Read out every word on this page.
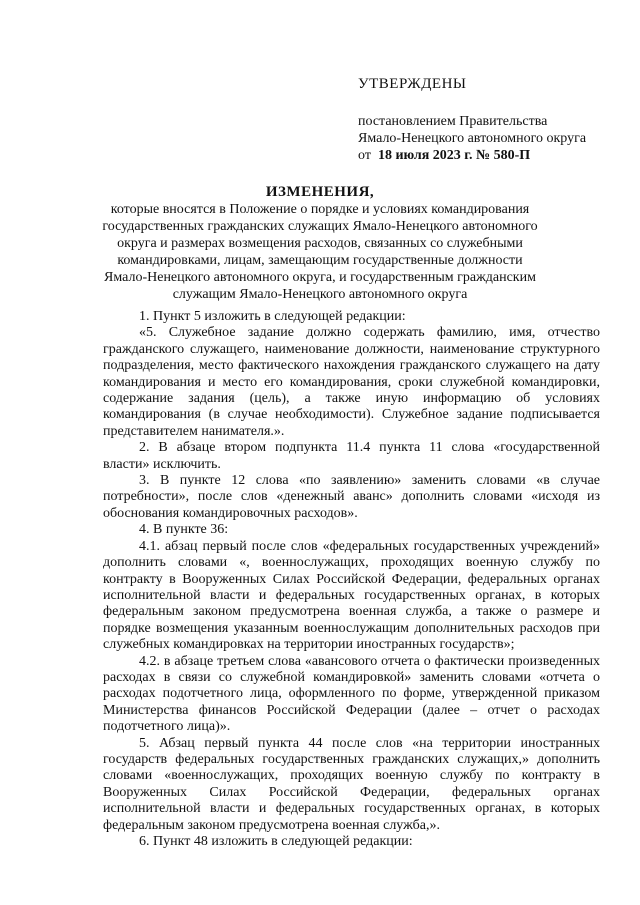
УТВЕРЖДЕНЫ
постановлением Правительства
Ямало-Ненецкого автономного округа
от 18 июля 2023 г. № 580-П
ИЗМЕНЕНИЯ,
которые вносятся в Положение о порядке и условиях командирования государственных гражданских служащих Ямало-Ненецкого автономного округа и размерах возмещения расходов, связанных со служебными командировками, лицам, замещающим государственные должности Ямало-Ненецкого автономного округа, и государственным гражданским служащим Ямало-Ненецкого автономного округа

1. Пункт 5 изложить в следующей редакции:

«5. Служебное задание должно содержать фамилию, имя, отчество гражданского служащего, наименование должности, наименование структурного подразделения, место фактического нахождения гражданского служащего на дату командирования и место его командирования, сроки служебной командировки, содержание задания (цель), а также иную информацию об условиях командирования (в случае необходимости). Служебное задание подписывается представителем нанимателя.».

2. В абзаце втором подпункта 11.4 пункта 11 слова «государственной власти» исключить.

3. В пункте 12 слова «по заявлению» заменить словами «в случае потребности», после слов «денежный аванс» дополнить словами «исходя из обоснования командировочных расходов».

4. В пункте 36:

4.1. абзац первый после слов «федеральных государственных учреждений» дополнить словами «, военнослужащих, проходящих военную службу по контракту в Вооруженных Силах Российской Федерации, федеральных органах исполнительной власти и федеральных государственных органах, в которых федеральным законом предусмотрена военная служба, а также о размере и порядке возмещения указанным военнослужащим дополнительных расходов при служебных командировках на территории иностранных государств»;

4.2. в абзаце третьем слова «авансового отчета о фактически произведенных расходах в связи со служебной командировкой» заменить словами «отчета о расходах подотчетного лица, оформленного по форме, утвержденной приказом Министерства финансов Российской Федерации (далее – отчет о расходах подотчетного лица)».

5. Абзац первый пункта 44 после слов «на территории иностранных государств федеральных государственных гражданских служащих,» дополнить словами «военнослужащих, проходящих военную службу по контракту в Вооруженных Силах Российской Федерации, федеральных органах исполнительной власти и федеральных государственных органах, в которых федеральным законом предусмотрена военная служба,».

6. Пункт 48 изложить в следующей редакции:
